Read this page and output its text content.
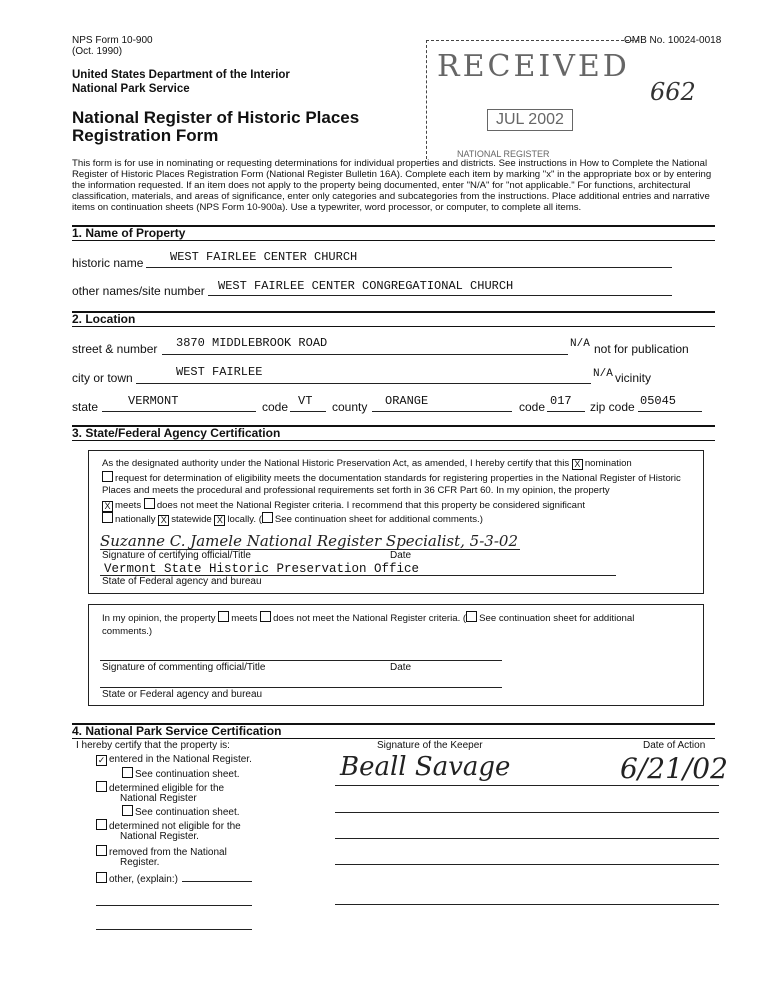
NPS Form 10-900
(Oct. 1990)
OMB No. 10024-0018
United States Department of the Interior
National Park Service
National Register of Historic Places
Registration Form
RECEIVED
JUL 2002
NATIONAL REGISTER
662
This form is for use in nominating or requesting determinations for individual properties and districts. See instructions in How to Complete the National Register of Historic Places Registration Form (National Register Bulletin 16A). Complete each item by marking "x" in the appropriate box or by entering the information requested. If an item does not apply to the property being documented, enter "N/A" for "not applicable." For functions, architectural classification, materials, and areas of significance, enter only categories and subcategories from the instructions. Place additional entries and narrative items on continuation sheets (NPS Form 10-900a). Use a typewriter, word processor, or computer, to complete all items.
1. Name of Property
historic name WEST FAIRLEE CENTER CHURCH
other names/site number WEST FAIRLEE CENTER CONGREGATIONAL CHURCH
2. Location
street & number 3870 MIDDLEBROOK ROAD	N/A not for publication
city or town	WEST FAIRLEE	N/A vicinity
state VERMONT	code VT county ORANGE	code 017 zip code 05045
3. State/Federal Agency Certification
As the designated authority under the National Historic Preservation Act, as amended, I hereby certify that this X nomination
request for determination of eligibility meets the documentation standards for registering properties in the National Register of Historic Places and meets the procedural and professional requirements set forth in 36 CFR Part 60. In my opinion, the property
X meets does not meet the National Register criteria. I recommend that this property be considered significant
nationally X statewide X locally. ( See continuation sheet for additional comments.)
Suzanne C. Jamele National Register Specialist, 5-3-02
Signature of certifying official/Title	Date
Vermont State Historic Preservation Office
State of Federal agency and bureau
In my opinion, the property meets does not meet the National Register criteria. ( See continuation sheet for additional
comments.)
Signature of commenting official/Title	Date
State or Federal agency and bureau
4. National Park Service Certification
I hereby certify that the property is:
✓ entered in the National Register.
See continuation sheet.
determined eligible for the
National Register
See continuation sheet.
determined not eligible for the
National Register.
removed from the National
Register.
other, (explain:)
Signature of the Keeper	Date of Action
Beall Savage	6/21/02
